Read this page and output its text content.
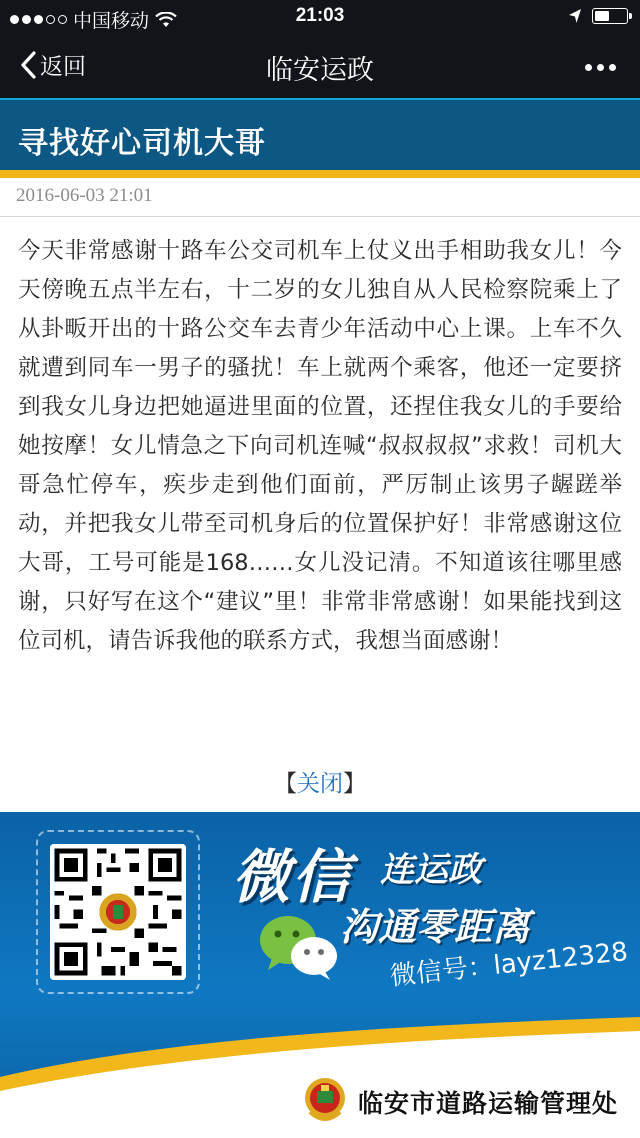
中国移动	21:03
返回	临安运政
寻找好心司机大哥
2016-06-03 21:01
今天非常感谢十路车公交司机车上仗义出手相助我女儿！今天傍晚五点半左右，十二岁的女儿独自从人民检察院乘上了从卦畈开出的十路公交车去青少年活动中心上课。上车不久就遭到同车一男子的骚扰！车上就两个乘客，他还一定要挤到我女儿身边把她逼进里面的位置，还捏住我女儿的手要给她按摩！女儿情急之下向司机连喊“叔叔叔叔”求救！司机大哥急忙停车，疾步走到他们面前，严厉制止该男子龌蹉举动，并把我女儿带至司机身后的位置保护好！非常感谢这位大哥，工号可能是168……女儿没记清。不知道该往哪里感谢，只好写在这个“建议”里！非常非常感谢！如果能找到这位司机，请告诉我他的联系方式，我想当面感谢！
【关闭】
微信 连运政
沟通零距离
微信号：layz12328
临安市道路运输管理处
